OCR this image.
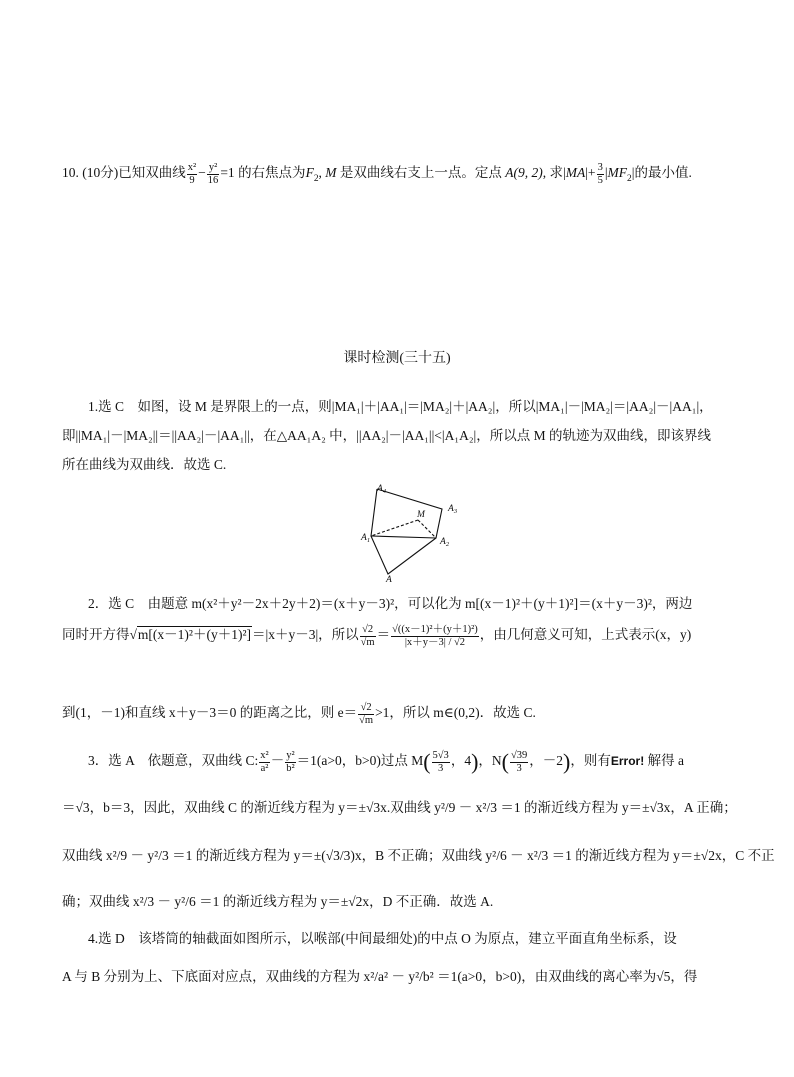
10. (10分)已知双曲线 $\frac{\text{x²}}{9} - \frac{\text{y²}}{16} =1$ 的右焦点为$F_2$, M 是双曲线右支上一点。定点 A(9, 2), 求$|MA|+ \frac{3}{5} |MF_2|$的最小值.
课时检测(三十五)
1.选 C　如图，设 M 是界限上的一点，则|MA₁|＋|AA₁|＝|MA₂|＋|AA₂|，所以|MA₁|－|MA₂|＝|AA₂|－|AA₁|，
即||MA₁|－|MA₂||＝||AA₂|－|AA₁||，在△AA₁A₂ 中，||AA₂|－|AA₁||<|A₁A₂|，所以点 M 的轨迹为双曲线，即该界线
所在曲线为双曲线．故选 C.
$A_4$
$A_3$
M
$A_1$	$A_2$
A
2．选 C　由题意 m(x²＋y²－2x＋2y＋2)＝(x＋y－3)²，可以化为 m[(x－1)²＋(y＋1)²]＝(x＋y－3)²，两边
同时开方得√m[(x－1)²＋(y＋1)²]＝|x＋y－3|，所以 $\frac{√2}{√m} = \frac{\text{√((x－1)²＋(y＋1)²)}}{|x+y-3| / √2}$ ，由几何意义可知，上式表示(x，y)
到(1，－1)和直线 x＋y－3＝0 的距离之比，则 $e= \frac{√2}{√m} >1$，所以 m∈(0,2)．故选 C.
3．选 A　依题意，双曲线 C: $\frac{\text{x²}}{\text{a²}} - \frac{\text{y²}}{\text{b²}} =1(a>0$，b>0)过点 $M( \frac{5√3}{3}$ ，4)，$N( \frac{√39}{3}$ ，－2)，则有Error! 解得 a
＝√3，b＝3，因此，双曲线 C 的渐近线方程为 y＝±√3x.双曲线 y²/9 － x²/3 ＝1 的渐近线方程为 y＝±√3x，A 正确；
双曲线 x²/9 － y²/3 ＝1 的渐近线方程为 y＝±(√3/3)x，B 不正确；双曲线 y²/6 － x²/3 ＝1 的渐近线方程为 y＝±√2x，C 不正
确；双曲线 x²/3 － y²/6 ＝1 的渐近线方程为 y＝±√2x，D 不正确．故选 A.
4.选 D　该塔筒的轴截面如图所示，以喉部(中间最细处)的中点 O 为原点，建立平面直角坐标系，设
A 与 B 分别为上、下底面对应点，双曲线的方程为 x²/a² － y²/b² ＝1(a>0，b>0)，由双曲线的离心率为√5，得
